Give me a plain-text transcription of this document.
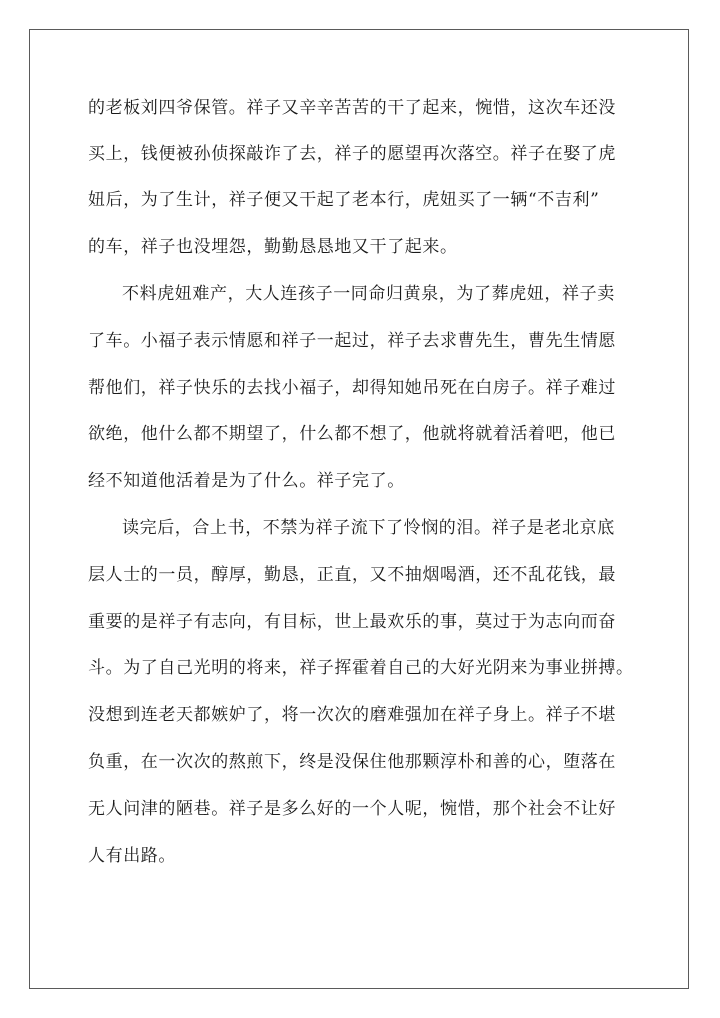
的老板刘四爷保管。祥子又辛辛苦苦的干了起来，惋惜，这次车还没
买上，钱便被孙侦探敲诈了去，祥子的愿望再次落空。祥子在娶了虎
妞后，为了生计，祥子便又干起了老本行，虎妞买了一辆“不吉利”
的车，祥子也没埋怨，勤勤恳恳地又干了起来。
不料虎妞难产，大人连孩子一同命归黄泉，为了葬虎妞，祥子卖
了车。小福子表示情愿和祥子一起过，祥子去求曹先生，曹先生情愿
帮他们，祥子快乐的去找小福子，却得知她吊死在白房子。祥子难过
欲绝，他什么都不期望了，什么都不想了，他就将就着活着吧，他已
经不知道他活着是为了什么。祥子完了。
读完后，合上书，不禁为祥子流下了怜悯的泪。祥子是老北京底
层人士的一员，醇厚，勤恳，正直，又不抽烟喝酒，还不乱花钱，最
重要的是祥子有志向，有目标，世上最欢乐的事，莫过于为志向而奋
斗。为了自己光明的将来，祥子挥霍着自己的大好光阴来为事业拼搏。
没想到连老天都嫉妒了，将一次次的磨难强加在祥子身上。祥子不堪
负重，在一次次的熬煎下，终是没保住他那颗淳朴和善的心，堕落在
无人问津的陋巷。祥子是多么好的一个人呢，惋惜，那个社会不让好
人有出路。
